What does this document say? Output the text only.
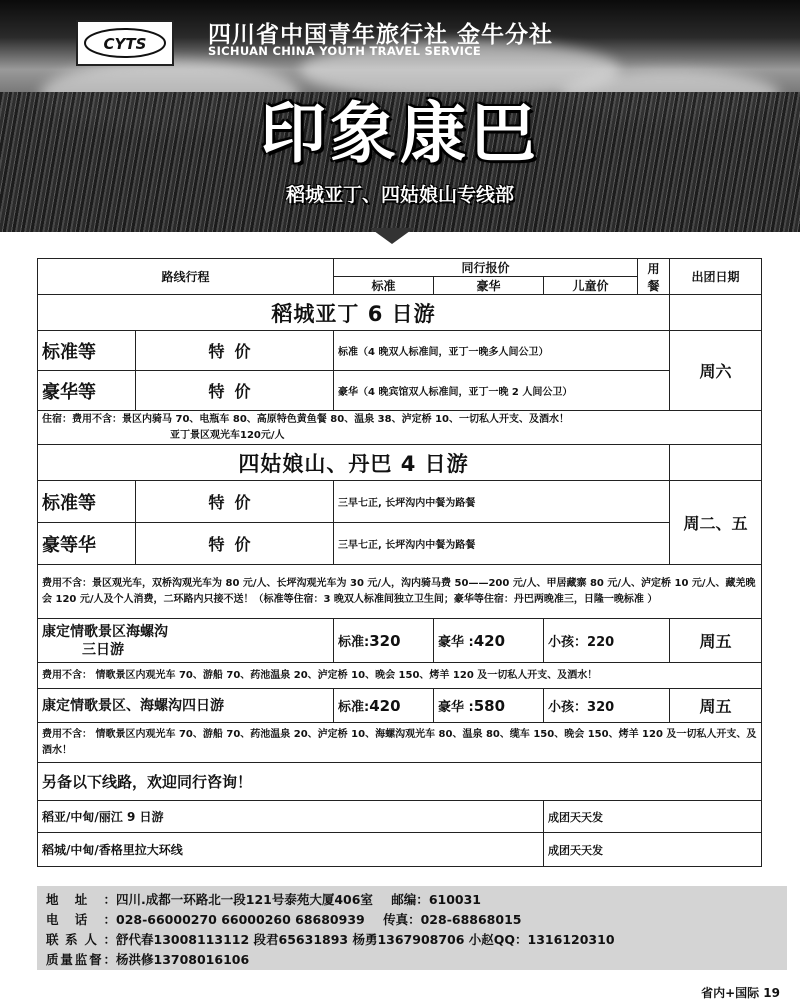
CYTS	四川省中国青年旅行社 金牛分社
SICHUAN CHINA YOUTH TRAVEL SERVICE
印象康巴
稻城亚丁、四姑娘山专线部
路线行程		同行报价			用餐	出团日期
		标准	豪华	儿童价		
稻城亚丁 6 日游						
标准等	特价	标准（4 晚双人标准间，亚丁一晚多人间公卫）				周六
豪华等	特价	豪华（4 晚宾馆双人标准间，亚丁一晚 2 人间公卫）				

住宿：费用不含：景区内骑马 70、电瓶车 80、高原特色黄鱼餐 80、温泉 38、泸定桥 10、一切私人开支、及酒水！
亚丁景区观光车120元/人						

四姑娘山、丹巴 4 日游						
标准等	特价	三早七正, 长坪沟内中餐为路餐				周二、五
豪等华	特价	三早七正, 长坪沟内中餐为路餐				
费用不含：景区观光车，双桥沟观光车为 80 元/人、长坪沟观光车为 30 元/人，沟内骑马费 50——200 元/人、甲居藏寨 80 元/人、泸定桥 10 元/人、藏羌晚会 120 元/人及个人消费，二环路内只接不送！（标准等住宿：3 晚双人标准间独立卫生间；豪华等住宿：丹巴两晚准三，日隆一晚标准 ）						

康定情歌景区海螺沟
三日游		标准:320	豪华 :420	小孩：220		周五
费用不含： 情歌景区内观光车 70、游船 70、药池温泉 20、泸定桥 10、晚会 150、烤羊 120 及一切私人开支、及酒水！						
康定情歌景区、海螺沟四日游		标准:420	豪华 :580	小孩：320		周五
费用不含： 情歌景区内观光车 70、游船 70、药池温泉 20、泸定桥 10、海螺沟观光车 80、温泉 80、缆车 150、晚会 150、烤羊 120 及一切私人开支、及酒水！						
另备以下线路，欢迎同行咨询！						
稻亚/中甸/丽江 9 日游				成团天天发		
稻城/中甸/香格里拉大环线				成团天天发		
地址：四川.成都一环路北一段121号泰苑大厦406室 邮编：610031
电话：028-66000270 66000260 68680939 传真：028-68868015
联系人：舒代春13008113112 段君65631893 杨勇1367908706 小赵QQ：1316120310
质量监督：杨洪修13708016106
省内+国际 19
